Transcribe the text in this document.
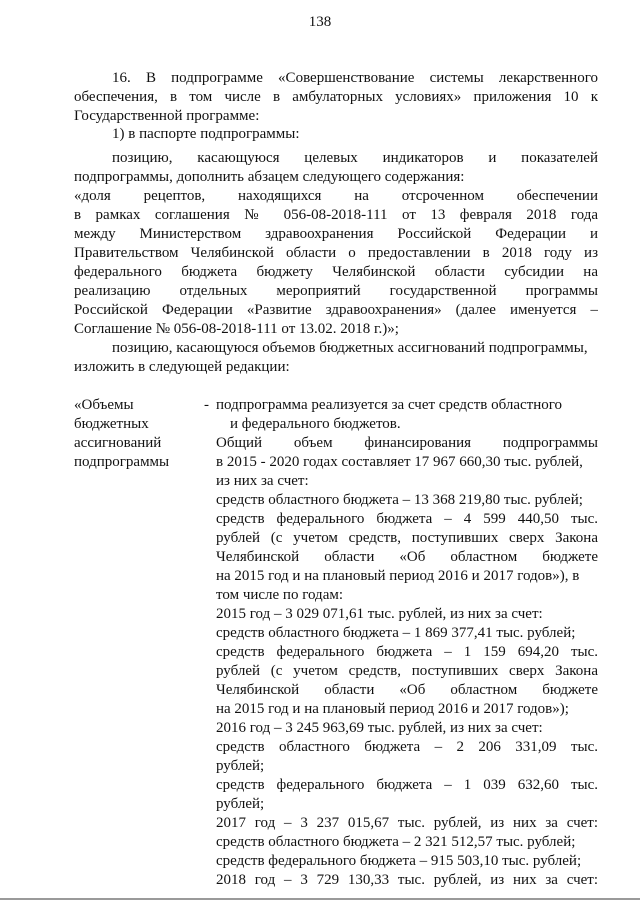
138
16. В подпрограмме «Совершенствование системы лекарственного
обеспечения, в том числе в амбулаторных условиях» приложения 10 к
Государственной программе:
1) в паспорте подпрограммы:
позицию, касающуюся целевых индикаторов и показателей
подпрограммы, дополнить абзацем следующего содержания:
«доля рецептов, находящихся на отсроченном обеспечении
в рамках соглашения № 056-08-2018-111 от 13 февраля 2018 года
между Министерством здравоохранения Российской Федерации и
Правительством Челябинской области о предоставлении в 2018 году из
федерального бюджета бюджету Челябинской области субсидии на
реализацию отдельных мероприятий государственной программы
Российской Федерации «Развитие здравоохранения» (далее именуется –
Соглашение № 056-08-2018-111 от 13.02. 2018 г.)»;
позицию, касающуюся объемов бюджетных ассигнований подпрограммы,
изложить в следующей редакции:
«Объемы
бюджетных
ассигнований
подпрограммы
- подпрограмма реализуется за счет средств областного
и федерального бюджетов.
Общий объем финансирования подпрограммы
в 2015 - 2020 годах составляет 17 967 660,30 тыс. рублей,
из них за счет:
средств областного бюджета – 13 368 219,80 тыс. рублей;
средств федерального бюджета – 4 599 440,50 тыс.
рублей (с учетом средств, поступивших сверх Закона
Челябинской области «Об областном бюджете
на 2015 год и на плановый период 2016 и 2017 годов»), в
том числе по годам:
2015 год – 3 029 071,61 тыс. рублей, из них за счет:
средств областного бюджета – 1 869 377,41 тыс. рублей;
средств федерального бюджета – 1 159 694,20 тыс.
рублей (с учетом средств, поступивших сверх Закона
Челябинской области «Об областном бюджете
на 2015 год и на плановый период 2016 и 2017 годов»);
2016 год – 3 245 963,69 тыс. рублей, из них за счет:
средств областного бюджета – 2 206 331,09 тыс.
рублей;
средств федерального бюджета – 1 039 632,60 тыс.
рублей;
2017 год – 3 237 015,67 тыс. рублей, из них за счет:
средств областного бюджета – 2 321 512,57 тыс. рублей;
средств федерального бюджета – 915 503,10 тыс. рублей;
2018 год – 3 729 130,33 тыс. рублей, из них за счет:
